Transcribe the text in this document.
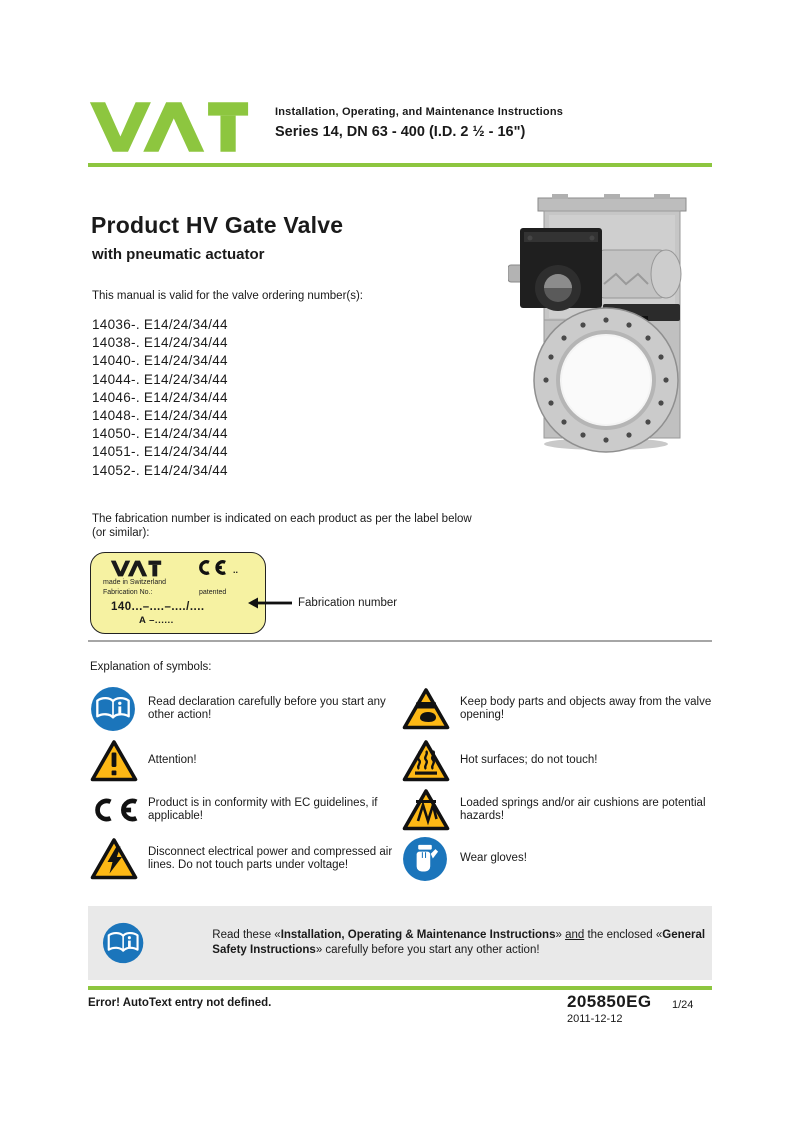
Installation, Operating, and Maintenance Instructions
Series 14, DN 63 - 400 (I.D. 2 ½ - 16")
Product HV Gate Valve
with pneumatic actuator
This manual is valid for the valve ordering number(s):
14036-. E14/24/34/44
14038-. E14/24/34/44
14040-. E14/24/34/44
14044-. E14/24/34/44
14046-. E14/24/34/44
14048-. E14/24/34/44
14050-. E14/24/34/44
14051-. E14/24/34/44
14052-. E14/24/34/44
The fabrication number is indicated on each product as per the label below (or similar):
..
made in Switzerland
Fabrication No.:	patented
140...–....–..../....
A –......
Fabrication number
Explanation of symbols:
Read declaration carefully before you start any other action!
Attention!
Product is in conformity with EC guidelines, if applicable!
Disconnect electrical power and compressed air lines. Do not touch parts under voltage!
Keep body parts and objects away from the valve opening!
Hot surfaces; do not touch!
Loaded springs and/or air cushions are potential hazards!
Wear gloves!
Read these «Installation, Operating & Maintenance Instructions» and the enclosed «General Safety Instructions» carefully before you start any other action!
Error! AutoText entry not defined.	205850EG 1/24
2011-12-12
